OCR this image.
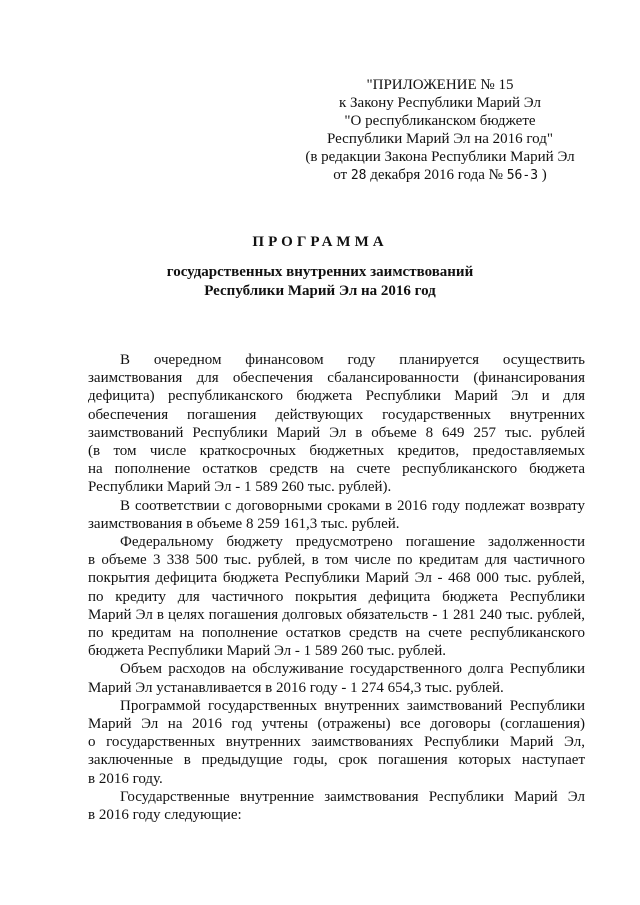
"ПРИЛОЖЕНИЕ № 15
к Закону Республики Марий Эл
"О республиканском бюджете
Республики Марий Эл на 2016 год"
(в редакции Закона Республики Марий Эл
от 28 декабря 2016 года № 56-З )
ПРОГРАММА
государственных внутренних заимствований
Республики Марий Эл на 2016 год
В очередном финансовом году планируется осуществить
заимствования для обеспечения сбалансированности (финансирования
дефицита) республиканского бюджета Республики Марий Эл и для
обеспечения погашения действующих государственных внутренних
заимствований Республики Марий Эл в объеме 8 649 257 тыс. рублей
(в том числе краткосрочных бюджетных кредитов, предоставляемых
на пополнение остатков средств на счете республиканского бюджета
Республики Марий Эл - 1 589 260 тыс. рублей).
В соответствии с договорными сроками в 2016 году подлежат возврату
заимствования в объеме 8 259 161,3 тыс. рублей.
Федеральному бюджету предусмотрено погашение задолженности
в объеме 3 338 500 тыс. рублей, в том числе по кредитам для частичного
покрытия дефицита бюджета Республики Марий Эл - 468 000 тыс. рублей,
по кредиту для частичного покрытия дефицита бюджета Республики
Марий Эл в целях погашения долговых обязательств - 1 281 240 тыс. рублей,
по кредитам на пополнение остатков средств на счете республиканского
бюджета Республики Марий Эл - 1 589 260 тыс. рублей.
Объем расходов на обслуживание государственного долга Республики
Марий Эл устанавливается в 2016 году - 1 274 654,3 тыс. рублей.
Программой государственных внутренних заимствований Республики
Марий Эл на 2016 год учтены (отражены) все договоры (соглашения)
о государственных внутренних заимствованиях Республики Марий Эл,
заключенные в предыдущие годы, срок погашения которых наступает
в 2016 году.
Государственные внутренние заимствования Республики Марий Эл
в 2016 году следующие:
